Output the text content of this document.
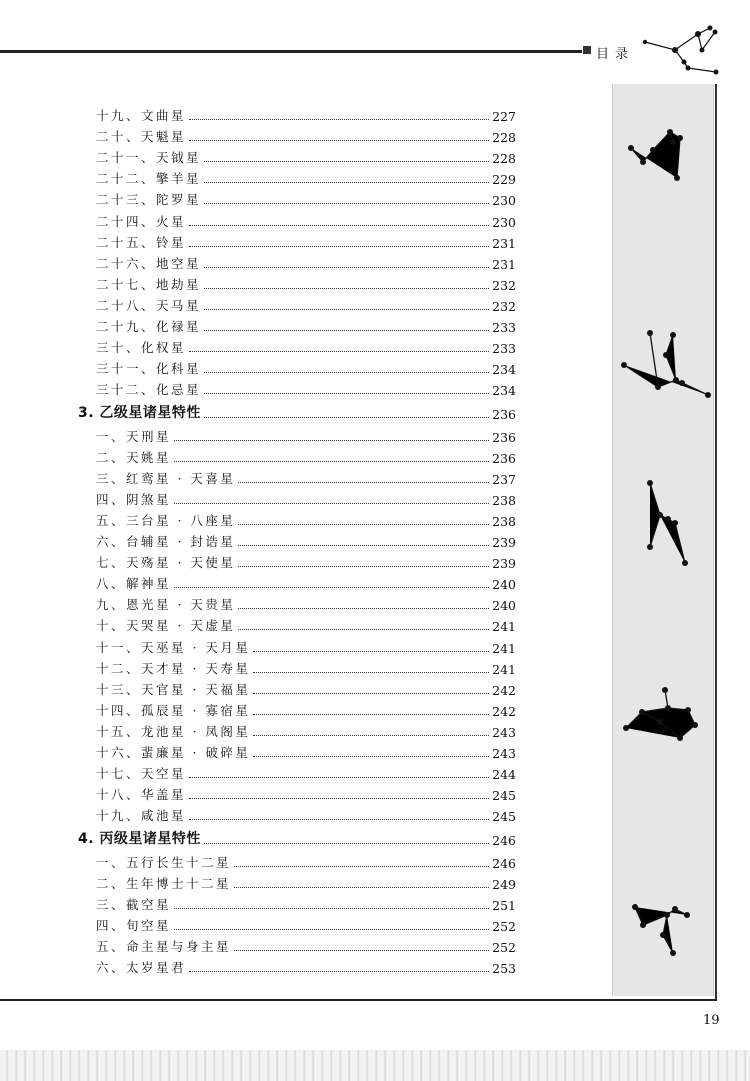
目录
十九、文曲星	227
二十、天魁星	228
二十一、天钺星	228
二十二、擎羊星	229
二十三、陀罗星	230
二十四、火星	230
二十五、铃星	231
二十六、地空星	231
二十七、地劫星	232
二十八、天马星	232
二十九、化禄星	233
三十、化权星	233
三十一、化科星	234
三十二、化忌星	234
3. 乙级星诸星特性	236
一、天刑星	236
二、天姚星	236
三、红鸾星 · 天喜星	237
四、阴煞星	238
五、三台星 · 八座星	238
六、台辅星 · 封诰星	239
七、天殇星 · 天使星	239
八、解神星	240
九、恩光星 · 天贵星	240
十、天哭星 · 天虚星	241
十一、天巫星 · 天月星	241
十二、天才星 · 天寿星	241
十三、天官星 · 天福星	242
十四、孤辰星 · 寡宿星	242
十五、龙池星 · 凤阁星	243
十六、蜚廉星 · 破碎星	243
十七、天空星	244
十八、华盖星	245
十九、咸池星	245
4. 丙级星诸星特性	246
一、五行长生十二星	246
二、生年博士十二星	249
三、截空星	251
四、旬空星	252
五、命主星与身主星	252
六、太岁星君	253
19
